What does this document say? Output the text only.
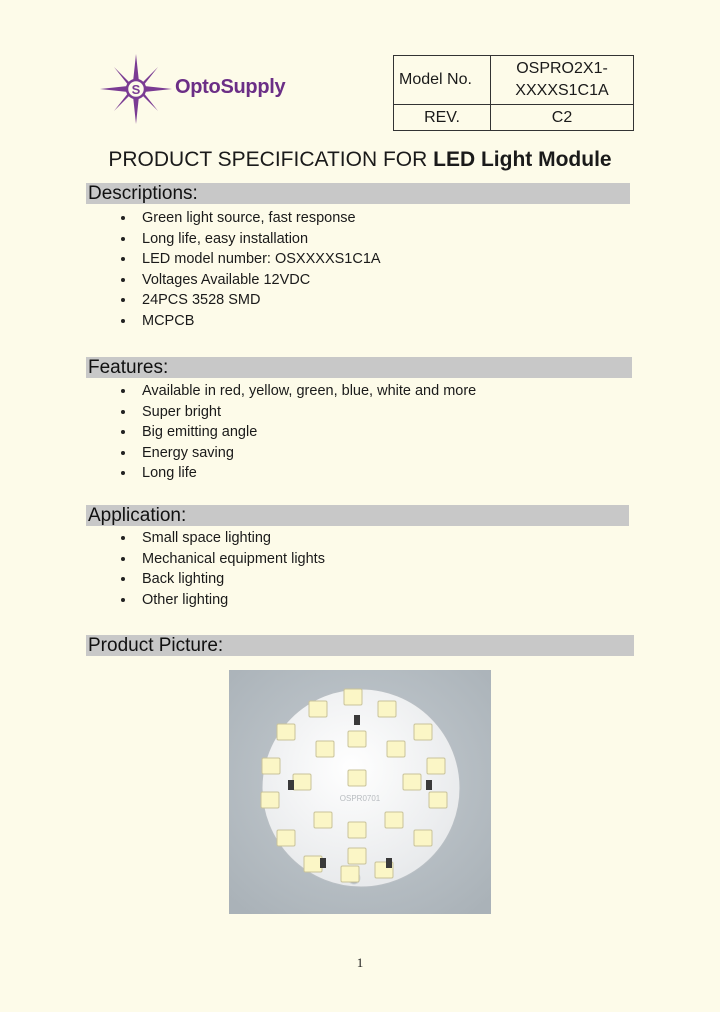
S OptoSupply	Model No.	OSPRO2X1-
XXXXS1C1A
REV.	C2
PRODUCT SPECIFICATION FOR LED Light Module
Descriptions:
Green light source, fast response
Long life, easy installation
LED model number: OSXXXXS1C1A
Voltages Available 12VDC
24PCS 3528 SMD
MCPCB
Features:
Available in red, yellow, green, blue, white and more
Super bright
Big emitting angle
Energy saving
Long life
Application:
Small space lighting
Mechanical equipment lights
Back lighting
Other lighting
Product Picture:
OSPR0701
1
